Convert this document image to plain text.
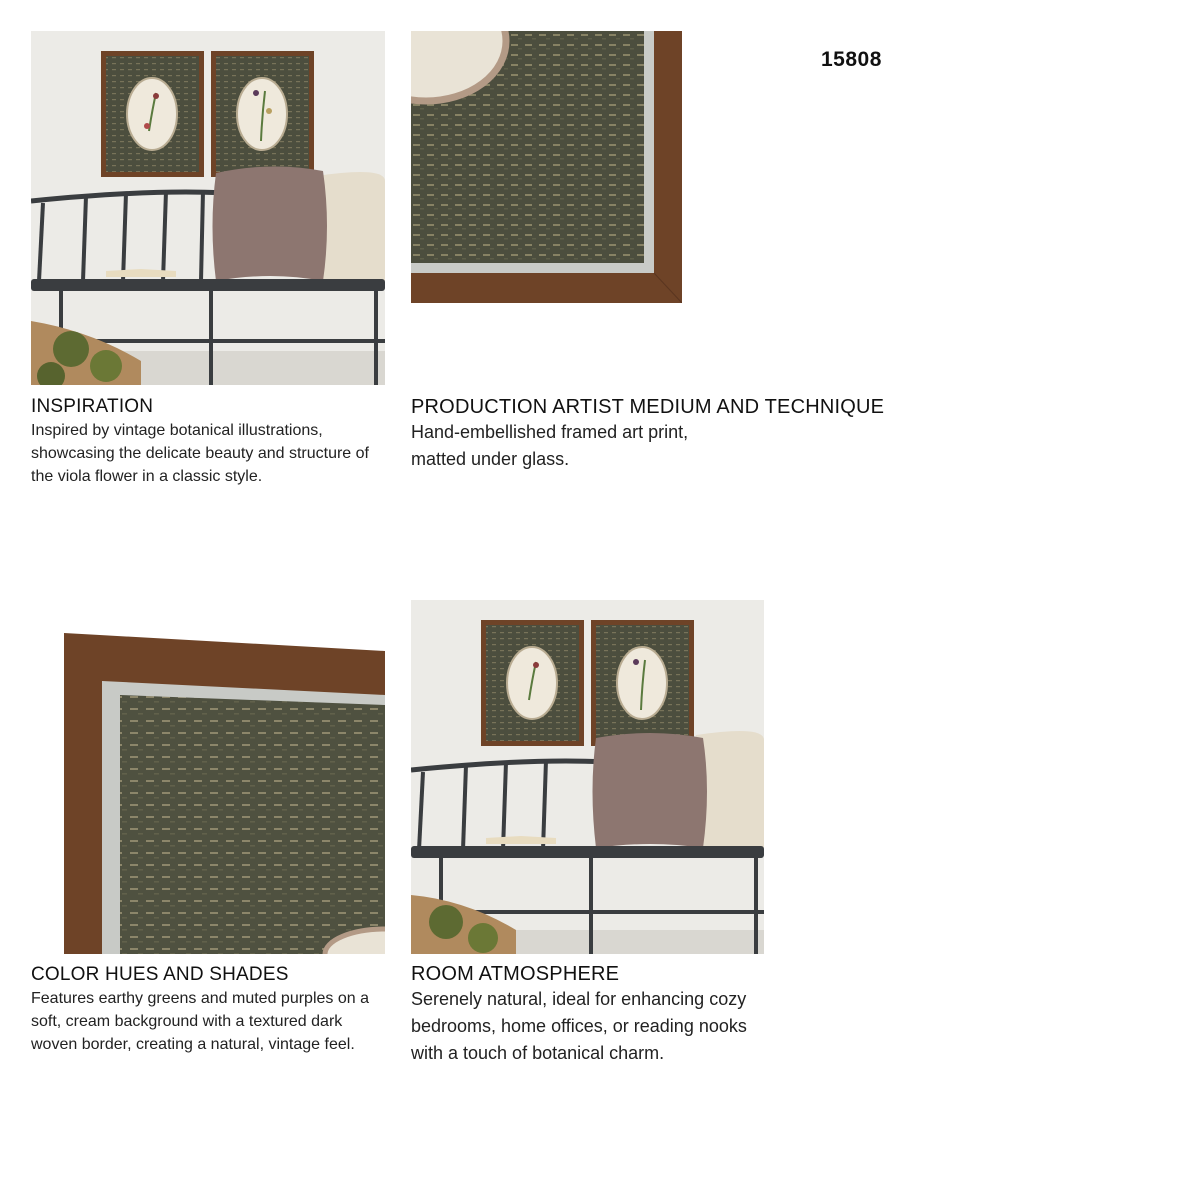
15808
INSPIRATION
Inspired by vintage botanical illustrations, showcasing the delicate beauty and structure of the viola flower in a classic style.
PRODUCTION ARTIST MEDIUM AND TECHNIQUE
Hand-embellished framed art print, matted under glass.
COLOR HUES AND SHADES
Features earthy greens and muted purples on a soft, cream background with a textured dark woven border, creating a natural, vintage feel.
ROOM ATMOSPHERE
Serenely natural, ideal for enhancing cozy bedrooms, home offices, or reading nooks with a touch of botanical charm.
